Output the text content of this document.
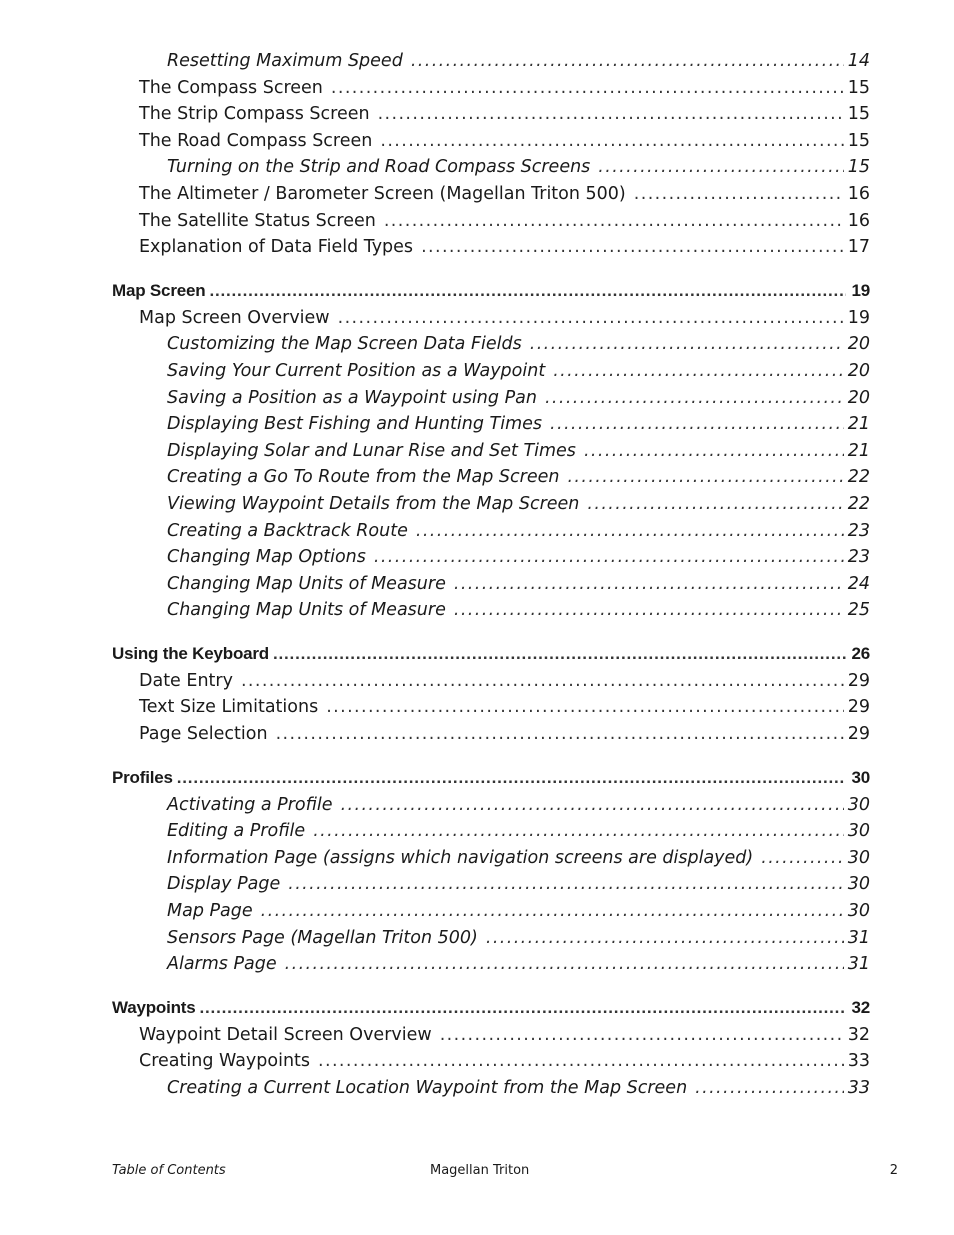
Resetting Maximum Speed .....	14
The Compass Screen .....	15
The Strip Compass Screen .....	15
The Road Compass Screen .....	15
Turning on the Strip and Road Compass Screens .....	15
The Altimeter / Barometer Screen (Magellan Triton 500) .....	16
The Satellite Status Screen .....	16
Explanation of Data Field Types .....	17
Map Screen .....	19
Map Screen Overview .....	19
Customizing the Map Screen Data Fields .....	20
Saving Your Current Position as a Waypoint .....	20
Saving a Position as a Waypoint using Pan .....	20
Displaying Best Fishing and Hunting Times .....	21
Displaying Solar and Lunar Rise and Set Times .....	21
Creating a Go To Route from the Map Screen .....	22
Viewing Waypoint Details from the Map Screen .....	22
Creating a Backtrack Route .....	23
Changing Map Options .....	23
Changing Map Units of Measure .....	24
Changing Map Units of Measure .....	25
Using the Keyboard .....	26
Date Entry .....	29
Text Size Limitations .....	29
Page Selection .....	29
Profiles .....	30
Activating a Profile .....	30
Editing a Profile .....	30
Information Page (assigns which navigation screens are displayed) .....	30
Display Page .....	30
Map Page .....	30
Sensors Page (Magellan Triton 500) .....	31
Alarms Page .....	31
Waypoints .....	32
Waypoint Detail Screen Overview .....	32
Creating Waypoints .....	33
Creating a Current Location Waypoint from the Map Screen .....	33
Table of Contents	Magellan Triton	2
